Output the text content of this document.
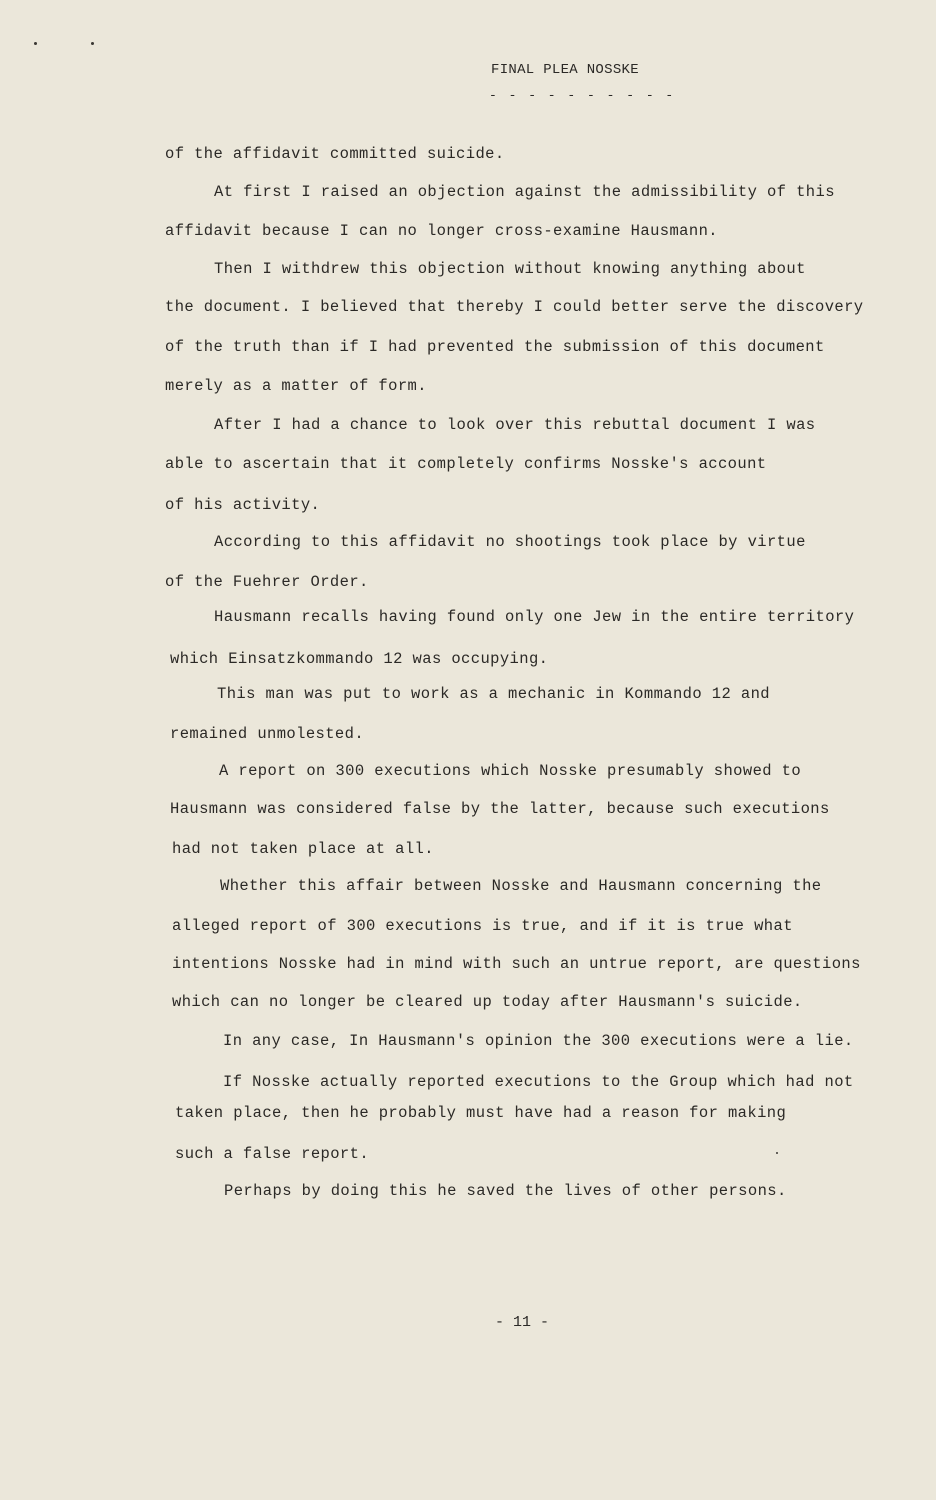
FINAL PLEA NOSSKE
- - - - - - - - - -
of the affidavit committed suicide.
At first I raised an objection against the admissibility of this
affidavit because I can no longer cross-examine Hausmann.
Then I withdrew this objection without knowing anything about
the document. I believed that thereby I could better serve the discovery
of the truth than if I had prevented the submission of this document
merely as a matter of form.
After I had a chance to look over this rebuttal document I was
able to ascertain that it completely confirms Nosske's account
of his activity.
According to this affidavit no shootings took place by virtue
of the Fuehrer Order.
Hausmann recalls having found only one Jew in the entire territory
which Einsatzkommando 12 was occupying.
This man was put to work as a mechanic in Kommando 12 and
remained unmolested.
A report on 300 executions which Nosske presumably showed to
Hausmann was considered false by the latter, because such executions
had not taken place at all.
Whether this affair between Nosske and Hausmann concerning the
alleged report of 300 executions is true, and if it is true what
intentions Nosske had in mind with such an untrue report, are questions
which can no longer be cleared up today after Hausmann's suicide.
In any case, In Hausmann's opinion the 300 executions were a lie.
If Nosske actually reported executions to the Group which had not
taken place, then he probably must have had a reason for making
such a false report.
Perhaps by doing this he saved the lives of other persons.
- 11 -
